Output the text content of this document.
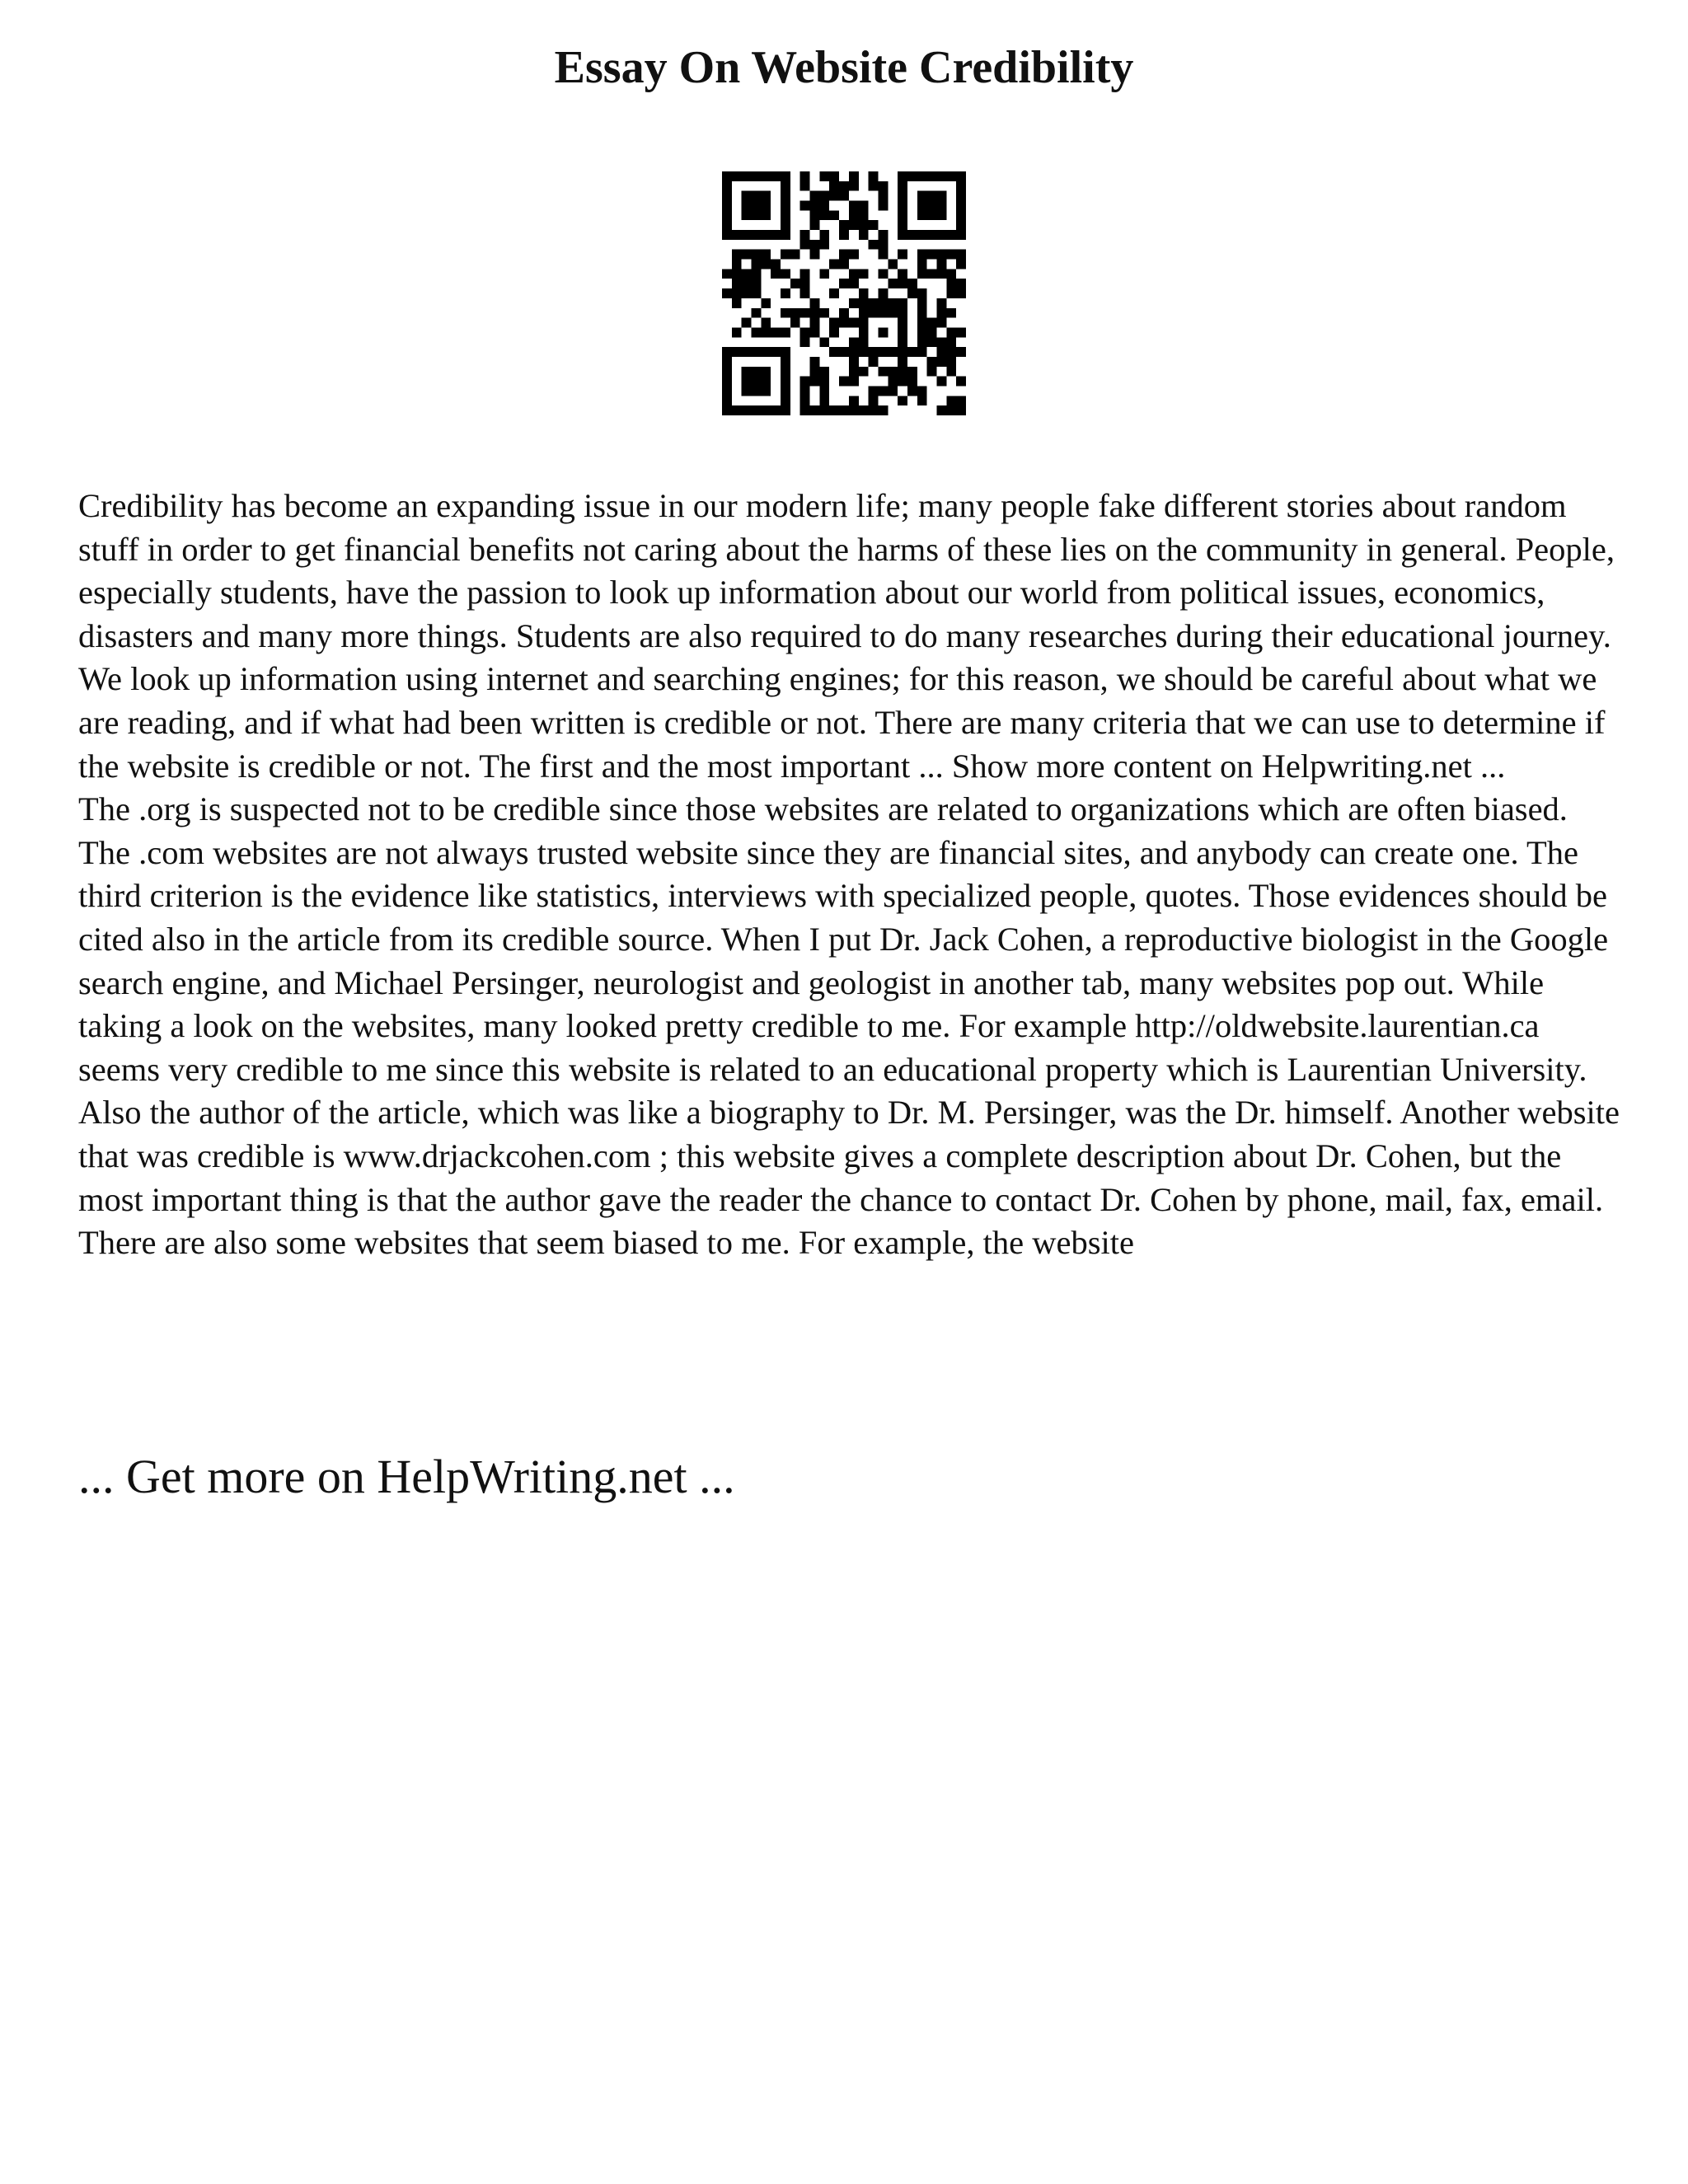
Essay On Website Credibility

Credibility has become an expanding issue in our modern life; many people fake different stories about random stuff in order to get financial benefits not caring about the harms of these lies on the community in general. People, especially students, have the passion to look up information about our world from political issues, economics, disasters and many more things. Students are also required to do many researches during their educational journey. We look up information using internet and searching engines; for this reason, we should be careful about what we are reading, and if what had been written is credible or not. There are many criteria that we can use to determine if the website is credible or not. The first and the most important ... Show more content on Helpwriting.net ...

The .org is suspected not to be credible since those websites are related to organizations which are often biased. The .com websites are not always trusted website since they are financial sites, and anybody can create one. The third criterion is the evidence like statistics, interviews with specialized people, quotes. Those evidences should be cited also in the article from its credible source. When I put Dr. Jack Cohen, a reproductive biologist in the Google search engine, and Michael Persinger, neurologist and geologist in another tab, many websites pop out. While taking a look on the websites, many looked pretty credible to me. For example http://oldwebsite.laurentian.ca seems very credible to me since this website is related to an educational property which is Laurentian University. Also the author of the article, which was like a biography to Dr. M. Persinger, was the Dr. himself. Another website that was credible is www.drjackcohen.com ; this website gives a complete description about Dr. Cohen, but the most important thing is that the author gave the reader the chance to contact Dr. Cohen by phone, mail, fax, email. There are also some websites that seem biased to me. For example, the website

... Get more on HelpWriting.net ...
